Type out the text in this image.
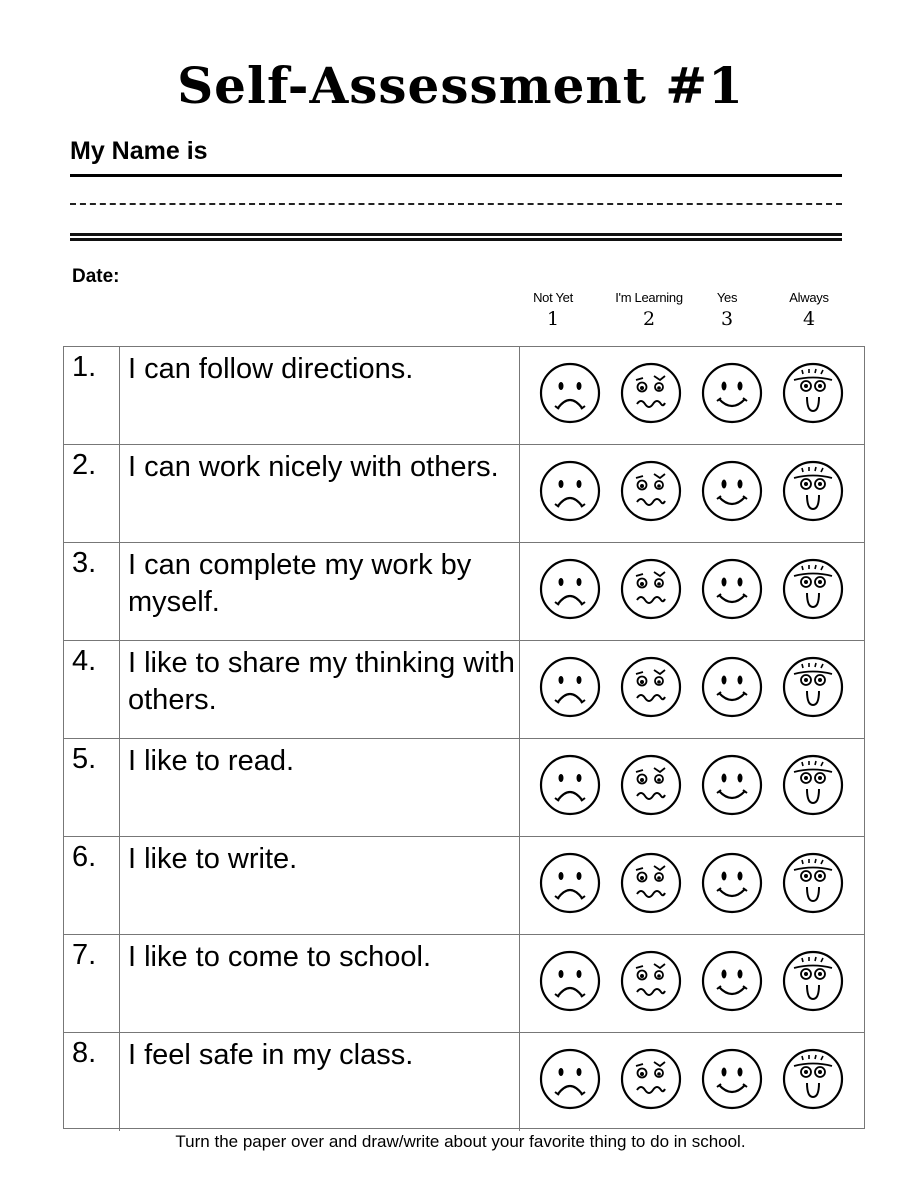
Self-Assessment #1
My Name is
Date:
Not Yet
1
I'm Learning
2
Yes
3
Always
4
1.	I can follow directions.
2.	I can work nicely with others.
3.	I can complete my work by myself.
4.	I like to share my thinking with others.
5.	I like to read.
6.	I like to write.
7.	I like to come to school.
8.	I feel safe in my class.
Turn the paper over and draw/write about your favorite thing to do in school.
